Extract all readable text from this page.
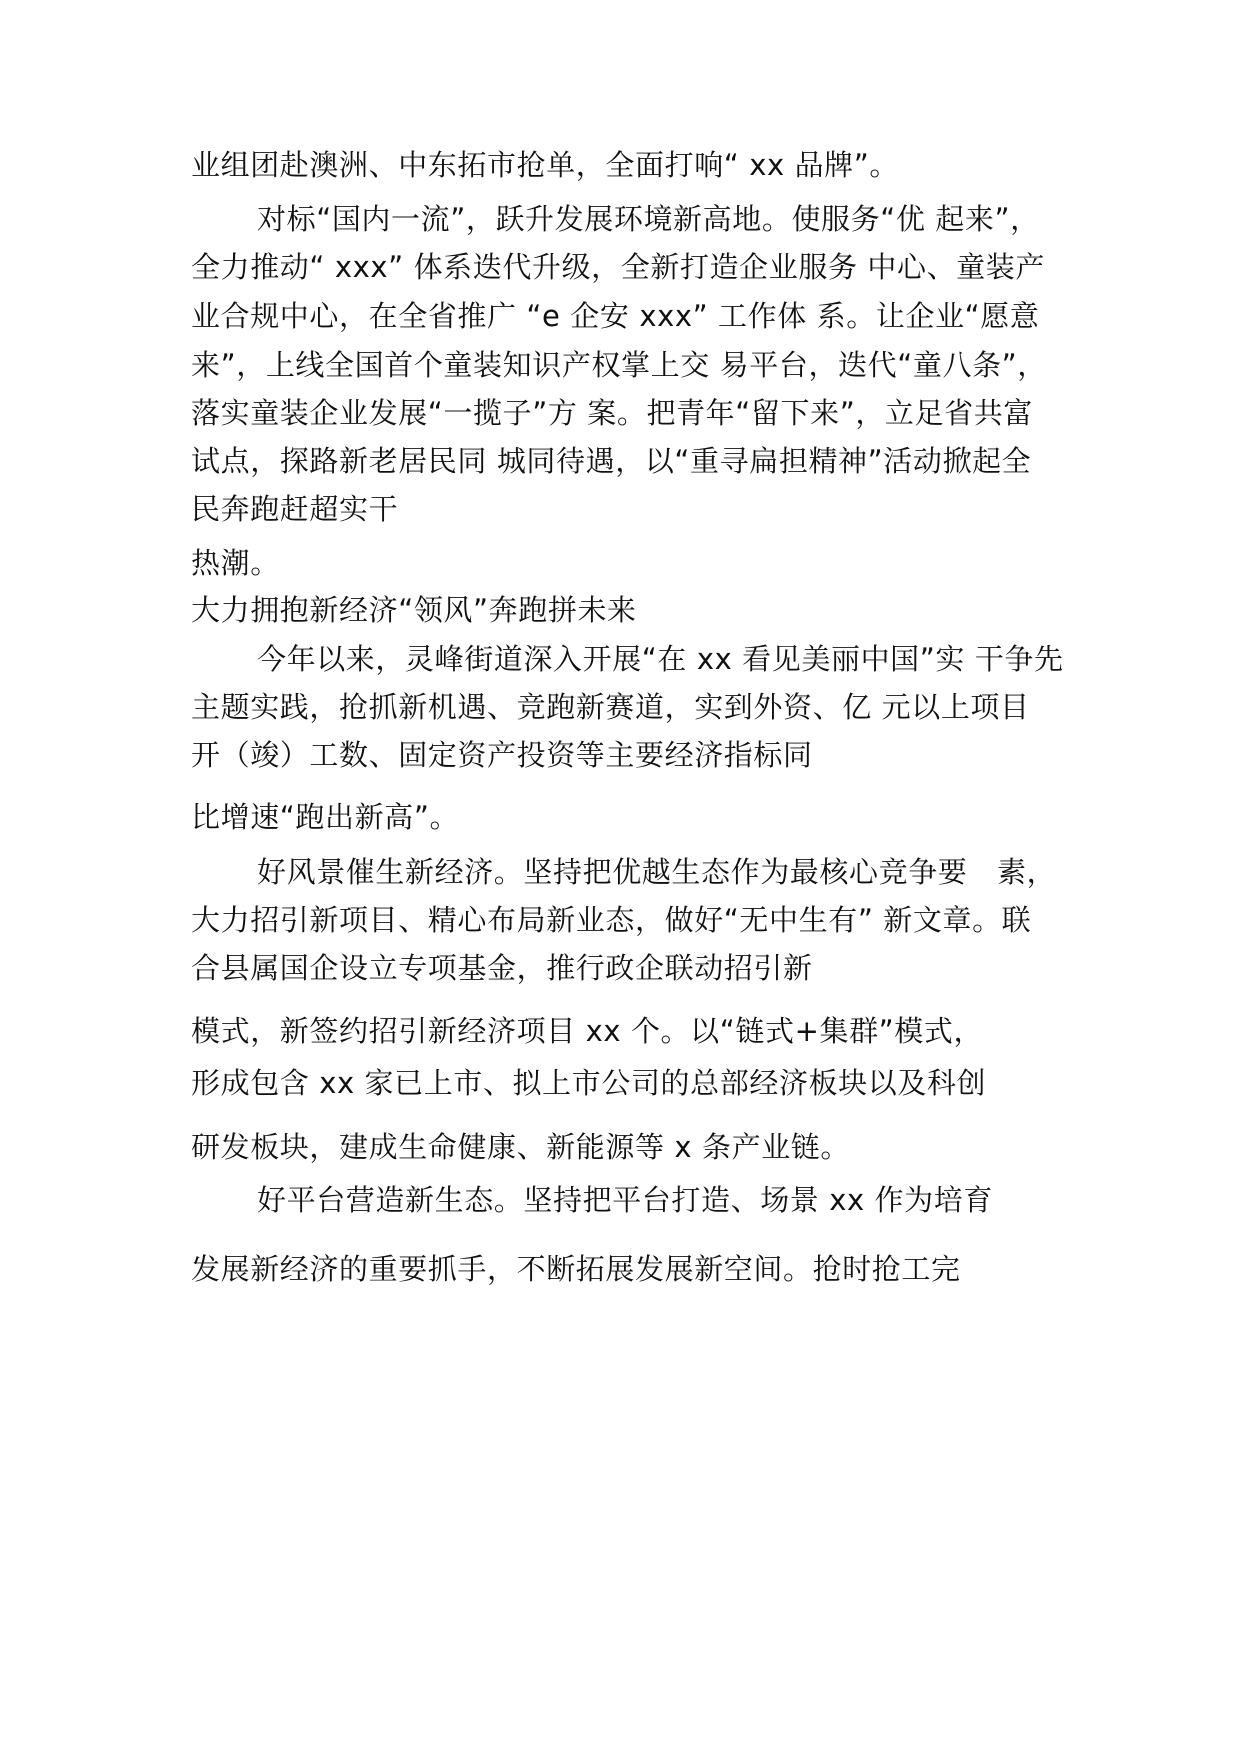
业组团赴澳洲、中东拓市抢单，全面打响“ xx 品牌”。
对标“国内一流”，跃升发展环境新高地。使服务“优 起来”，
全力推动“ xxx” 体系迭代升级，全新打造企业服务 中心、童装产
业合规中心，在全省推广 “e 企安 xxx” 工作体 系。让企业“愿意
来”，上线全国首个童装知识产权掌上交 易平台，迭代“童八条”，
落实童装企业发展“一揽子”方 案。把青年“留下来”，立足省共富
试点，探路新老居民同 城同待遇，以“重寻扁担精神”活动掀起全
民奔跑赶超实干
热潮。
大力拥抱新经济“领风”奔跑拼未来
今年以来，灵峰街道深入开展“在 xx 看见美丽中国”实 干争先
主题实践，抢抓新机遇、竞跑新赛道，实到外资、亿 元以上项目
开（竣）工数、固定资产投资等主要经济指标同
比增速“跑出新高”。
好风景催生新经济。坚持把优越生态作为最核心竞争要　素，
大力招引新项目、精心布局新业态，做好“无中生有” 新文章。联
合县属国企设立专项基金，推行政企联动招引新
模式，新签约招引新经济项目 xx 个。以“链式+集群”模式，
形成包含 xx 家已上市、拟上市公司的总部经济板块以及科创
研发板块，建成生命健康、新能源等 x 条产业链。
好平台营造新生态。坚持把平台打造、场景 xx 作为培育
发展新经济的重要抓手，不断拓展发展新空间。抢时抢工完
